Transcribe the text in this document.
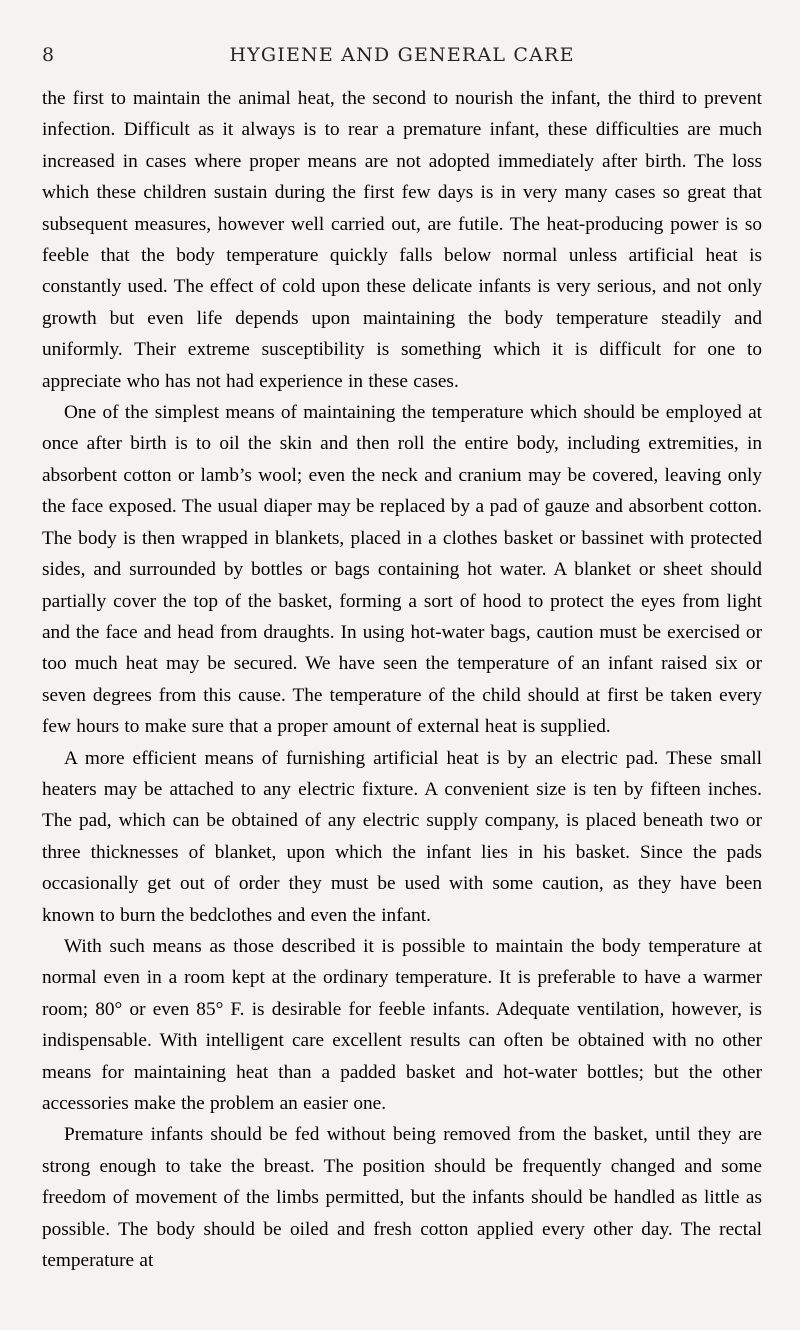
8	HYGIENE AND GENERAL CARE

the first to maintain the animal heat, the second to nourish the infant, the third to prevent infection. Difficult as it always is to rear a premature infant, these difficulties are much increased in cases where proper means are not adopted immediately after birth. The loss which these children sustain during the first few days is in very many cases so great that subsequent measures, however well carried out, are futile. The heat-producing power is so feeble that the body temperature quickly falls below normal unless artificial heat is constantly used. The effect of cold upon these delicate infants is very serious, and not only growth but even life depends upon maintaining the body temperature steadily and uniformly. Their extreme susceptibility is something which it is difficult for one to appreciate who has not had experience in these cases.

One of the simplest means of maintaining the temperature which should be employed at once after birth is to oil the skin and then roll the entire body, including extremities, in absorbent cotton or lamb’s wool; even the neck and cranium may be covered, leaving only the face exposed. The usual diaper may be replaced by a pad of gauze and absorbent cotton. The body is then wrapped in blankets, placed in a clothes basket or bassinet with protected sides, and surrounded by bottles or bags containing hot water. A blanket or sheet should partially cover the top of the basket, forming a sort of hood to protect the eyes from light and the face and head from draughts. In using hot-water bags, caution must be exercised or too much heat may be secured. We have seen the temperature of an infant raised six or seven degrees from this cause. The temperature of the child should at first be taken every few hours to make sure that a proper amount of external heat is supplied.

A more efficient means of furnishing artificial heat is by an electric pad. These small heaters may be attached to any electric fixture. A convenient size is ten by fifteen inches. The pad, which can be obtained of any electric supply company, is placed beneath two or three thicknesses of blanket, upon which the infant lies in his basket. Since the pads occasionally get out of order they must be used with some caution, as they have been known to burn the bedclothes and even the infant.

With such means as those described it is possible to maintain the body temperature at normal even in a room kept at the ordinary temperature. It is preferable to have a warmer room; 80° or even 85° F. is desirable for feeble infants. Adequate ventilation, however, is indispensable. With intelligent care excellent results can often be obtained with no other means for maintaining heat than a padded basket and hot-water bottles; but the other accessories make the problem an easier one.

Premature infants should be fed without being removed from the basket, until they are strong enough to take the breast. The position should be frequently changed and some freedom of movement of the limbs permitted, but the infants should be handled as little as possible. The body should be oiled and fresh cotton applied every other day. The rectal temperature at
